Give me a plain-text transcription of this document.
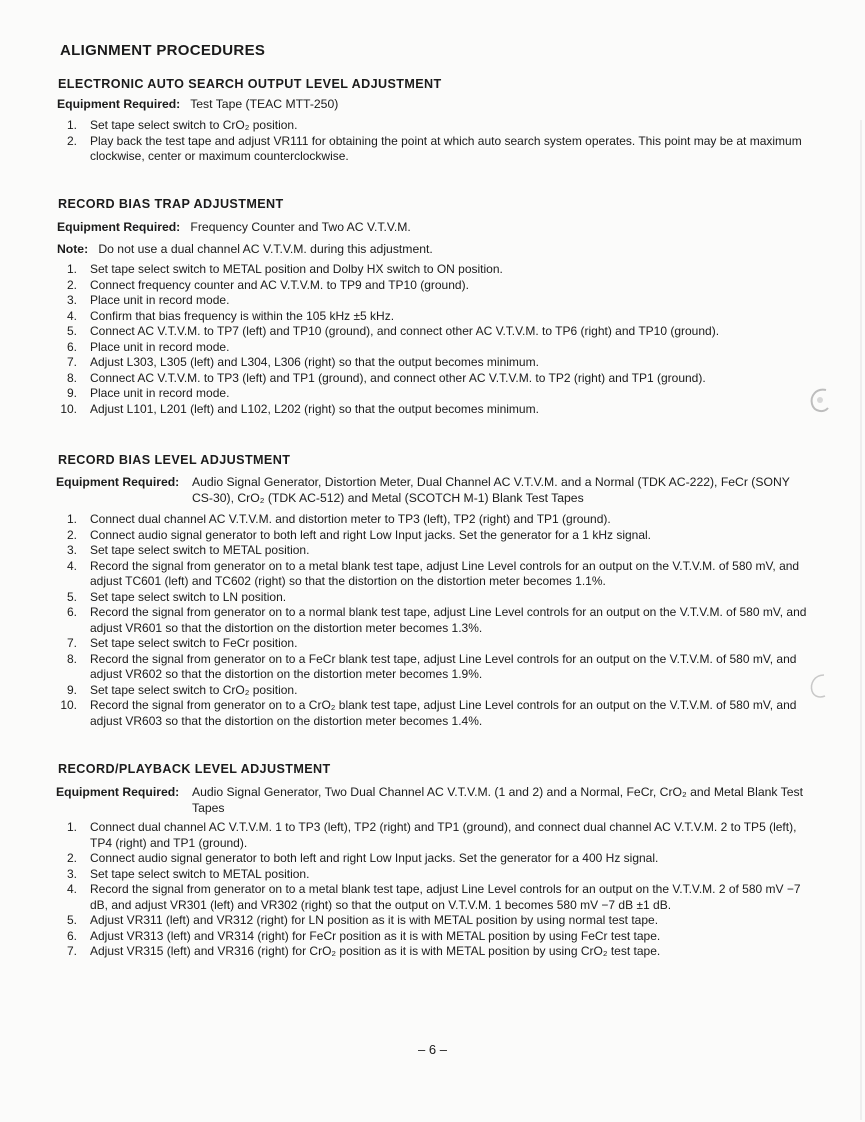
ALIGNMENT PROCEDURES
ELECTRONIC AUTO SEARCH OUTPUT LEVEL ADJUSTMENT
Equipment Required: Test Tape (TEAC MTT-250)
1. Set tape select switch to CrO₂ position.
2. Play back the test tape and adjust VR111 for obtaining the point at which auto search system operates. This point may be at maximum clockwise, center or maximum counterclockwise.
RECORD BIAS TRAP ADJUSTMENT
Equipment Required: Frequency Counter and Two AC V.T.V.M.
Note: Do not use a dual channel AC V.T.V.M. during this adjustment.
1. Set tape select switch to METAL position and Dolby HX switch to ON position.
2. Connect frequency counter and AC V.T.V.M. to TP9 and TP10 (ground).
3. Place unit in record mode.
4. Confirm that bias frequency is within the 105 kHz ±5 kHz.
5. Connect AC V.T.V.M. to TP7 (left) and TP10 (ground), and connect other AC V.T.V.M. to TP6 (right) and TP10 (ground).
6. Place unit in record mode.
7. Adjust L303, L305 (left) and L304, L306 (right) so that the output becomes minimum.
8. Connect AC V.T.V.M. to TP3 (left) and TP1 (ground), and connect other AC V.T.V.M. to TP2 (right) and TP1 (ground).
9. Place unit in record mode.
10. Adjust L101, L201 (left) and L102, L202 (right) so that the output becomes minimum.
RECORD BIAS LEVEL ADJUSTMENT
Equipment Required: Audio Signal Generator, Distortion Meter, Dual Channel AC V.T.V.M. and a Normal (TDK AC-222), FeCr (SONY CS-30), CrO₂ (TDK AC-512) and Metal (SCOTCH M-1) Blank Test Tapes
1. Connect dual channel AC V.T.V.M. and distortion meter to TP3 (left), TP2 (right) and TP1 (ground).
2. Connect audio signal generator to both left and right Low Input jacks. Set the generator for a 1 kHz signal.
3. Set tape select switch to METAL position.
4. Record the signal from generator on to a metal blank test tape, adjust Line Level controls for an output on the V.T.V.M. of 580 mV, and adjust TC601 (left) and TC602 (right) so that the distortion on the distortion meter becomes 1.1%.
5. Set tape select switch to LN position.
6. Record the signal from generator on to a normal blank test tape, adjust Line Level controls for an output on the V.T.V.M. of 580 mV, and adjust VR601 so that the distortion on the distortion meter becomes 1.3%.
7. Set tape select switch to FeCr position.
8. Record the signal from generator on to a FeCr blank test tape, adjust Line Level controls for an output on the V.T.V.M. of 580 mV, and adjust VR602 so that the distortion on the distortion meter becomes 1.9%.
9. Set tape select switch to CrO₂ position.
10. Record the signal from generator on to a CrO₂ blank test tape, adjust Line Level controls for an output on the V.T.V.M. of 580 mV, and adjust VR603 so that the distortion on the distortion meter becomes 1.4%.
RECORD/PLAYBACK LEVEL ADJUSTMENT
Equipment Required: Audio Signal Generator, Two Dual Channel AC V.T.V.M. (1 and 2) and a Normal, FeCr, CrO₂ and Metal Blank Test Tapes
1. Connect dual channel AC V.T.V.M. 1 to TP3 (left), TP2 (right) and TP1 (ground), and connect dual channel AC V.T.V.M. 2 to TP5 (left), TP4 (right) and TP1 (ground).
2. Connect audio signal generator to both left and right Low Input jacks. Set the generator for a 400 Hz signal.
3. Set tape select switch to METAL position.
4. Record the signal from generator on to a metal blank test tape, adjust Line Level controls for an output on the V.T.V.M. 2 of 580 mV −7 dB, and adjust VR301 (left) and VR302 (right) so that the output on V.T.V.M. 1 becomes 580 mV −7 dB ±1 dB.
5. Adjust VR311 (left) and VR312 (right) for LN position as it is with METAL position by using normal test tape.
6. Adjust VR313 (left) and VR314 (right) for FeCr position as it is with METAL position by using FeCr test tape.
7. Adjust VR315 (left) and VR316 (right) for CrO₂ position as it is with METAL position by using CrO₂ test tape.
– 6 –
